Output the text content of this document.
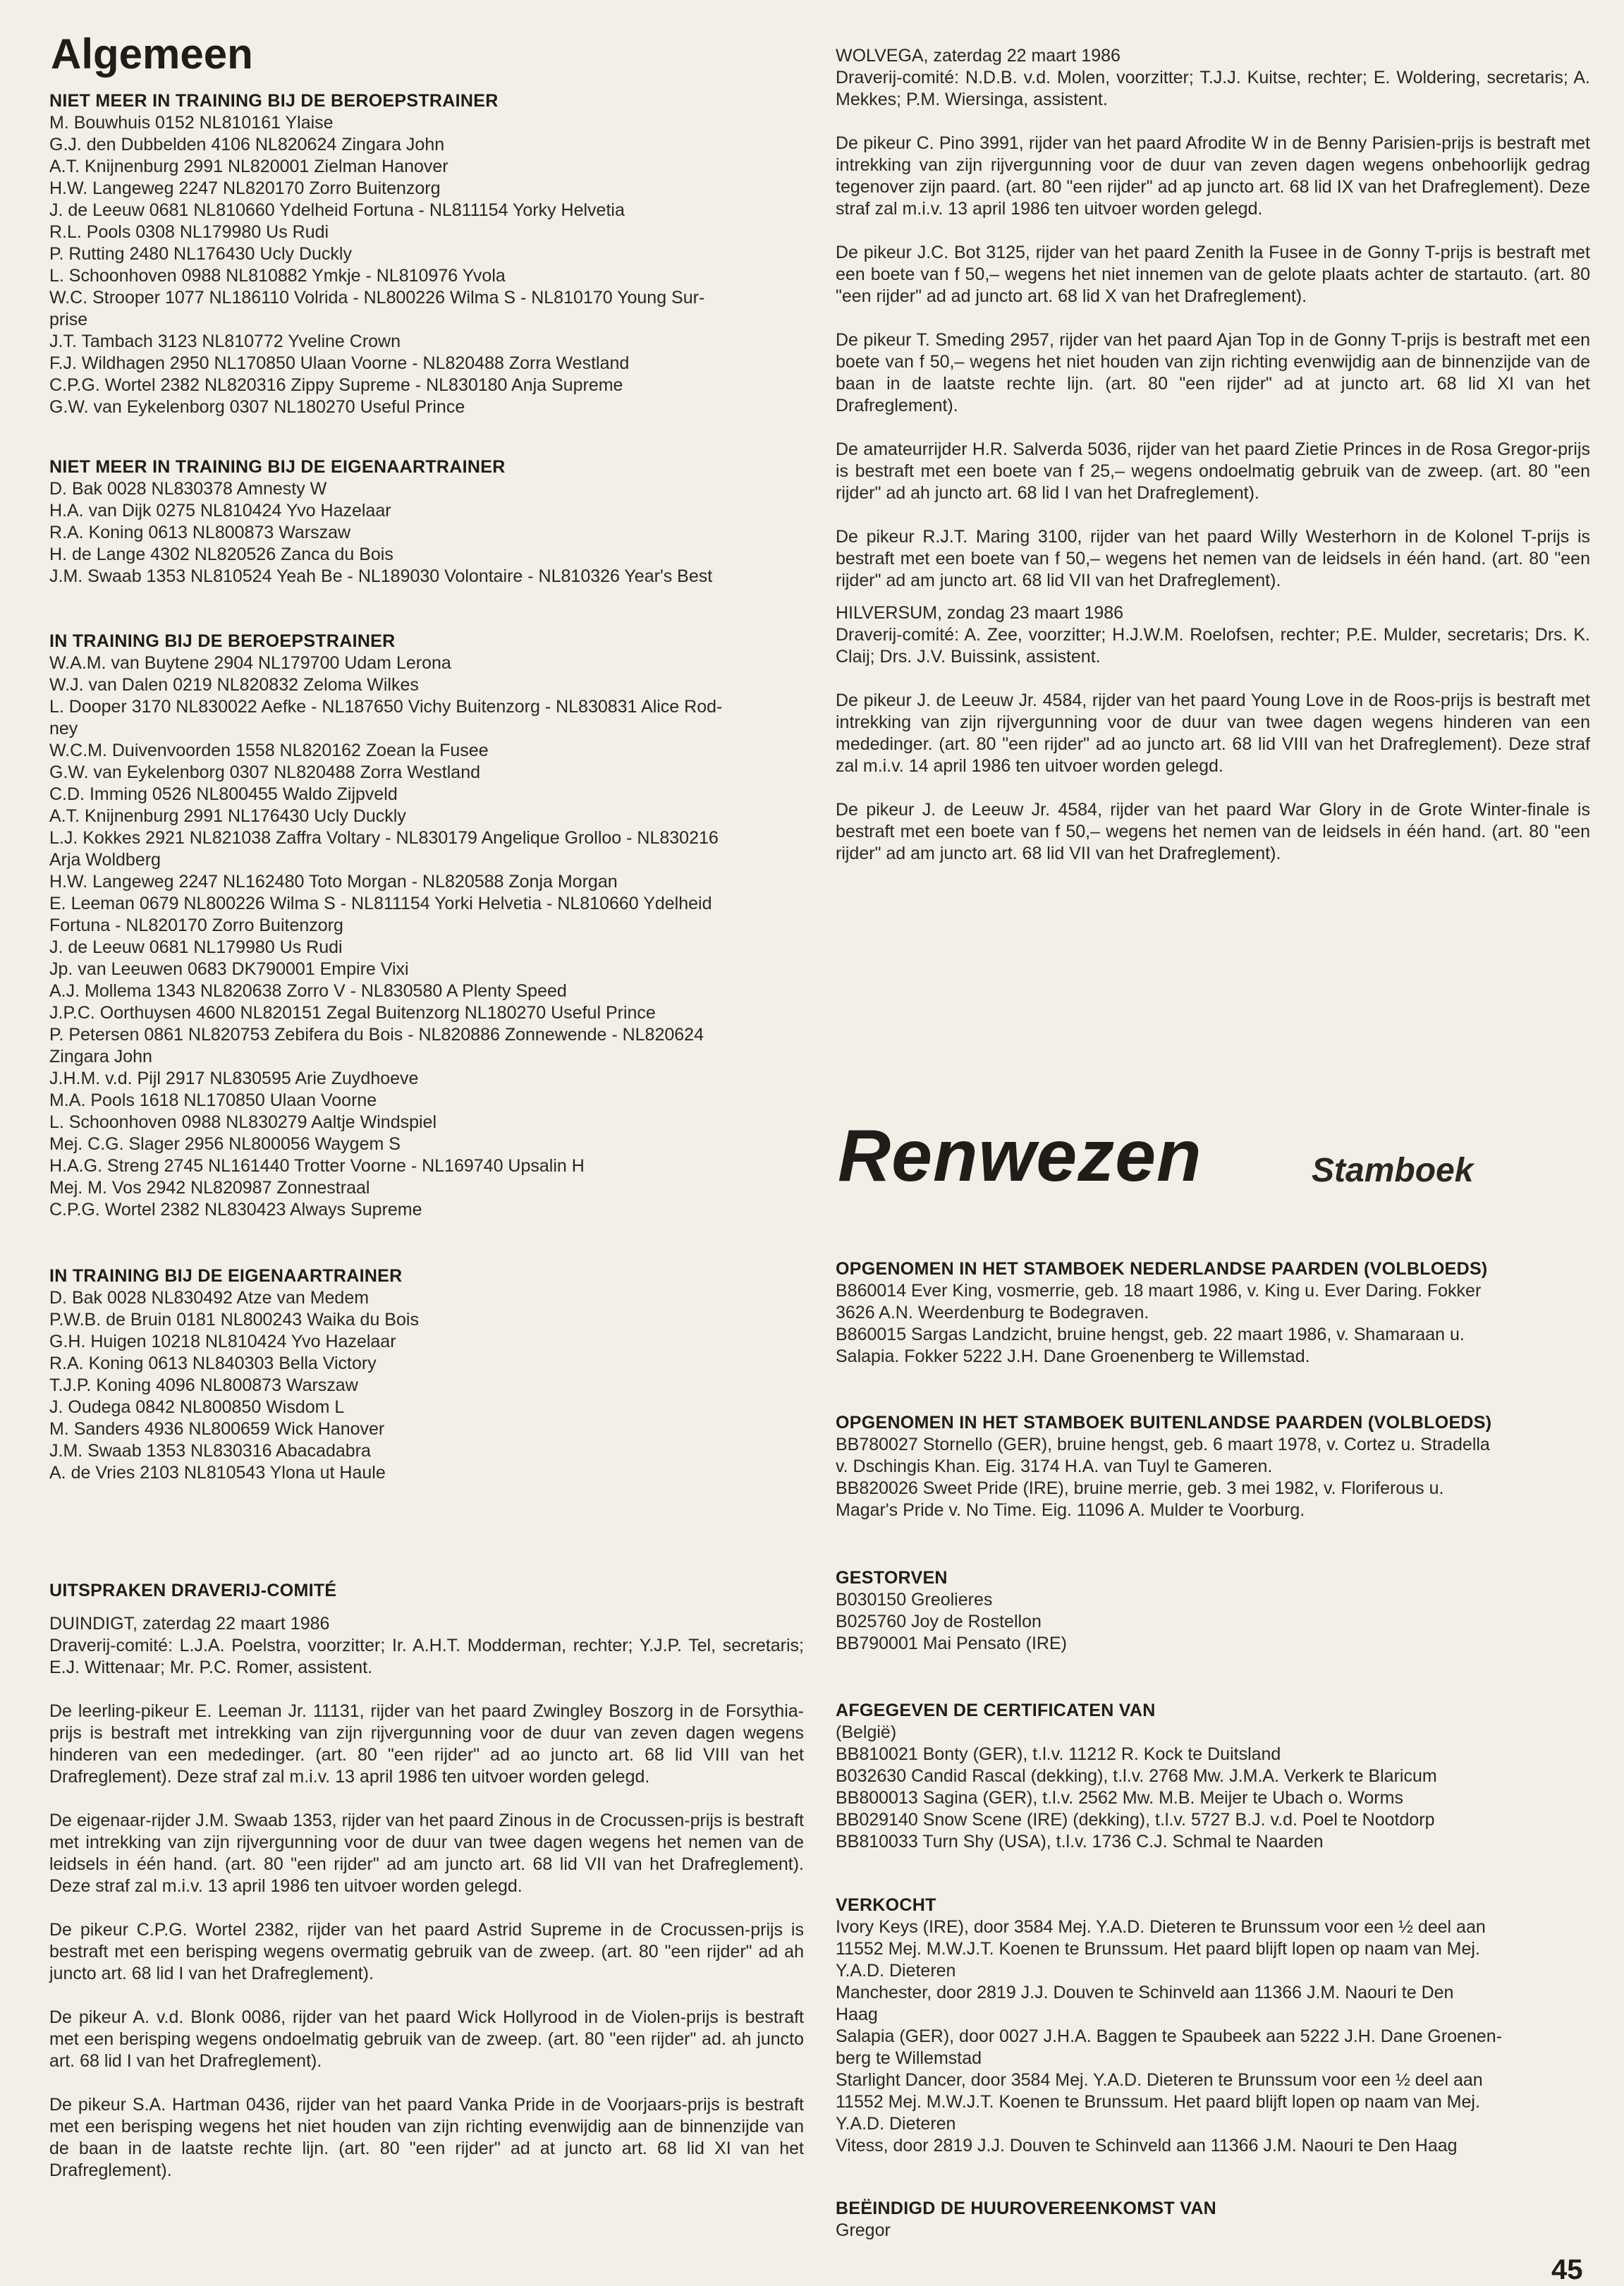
Algemeen
NIET MEER IN TRAINING BIJ DE BEROEPSTRAINER
M. Bouwhuis 0152 NL810161 Ylaise
G.J. den Dubbelden 4106 NL820624 Zingara John
A.T. Knijnenburg 2991 NL820001 Zielman Hanover
H.W. Langeweg 2247 NL820170 Zorro Buitenzorg
J. de Leeuw 0681 NL810660 Ydelheid Fortuna - NL811154 Yorky Helvetia
R.L. Pools 0308 NL179980 Us Rudi
P. Rutting 2480 NL176430 Ucly Duckly
L. Schoonhoven 0988 NL810882 Ymkje - NL810976 Yvola
W.C. Strooper 1077 NL186110 Volrida - NL800226 Wilma S - NL810170 Young Sur-
prise
J.T. Tambach 3123 NL810772 Yveline Crown
F.J. Wildhagen 2950 NL170850 Ulaan Voorne - NL820488 Zorra Westland
C.P.G. Wortel 2382 NL820316 Zippy Supreme - NL830180 Anja Supreme
G.W. van Eykelenborg 0307 NL180270 Useful Prince
NIET MEER IN TRAINING BIJ DE EIGENAARTRAINER
D. Bak 0028 NL830378 Amnesty W
H.A. van Dijk 0275 NL810424 Yvo Hazelaar
R.A. Koning 0613 NL800873 Warszaw
H. de Lange 4302 NL820526 Zanca du Bois
J.M. Swaab 1353 NL810524 Yeah Be - NL189030 Volontaire - NL810326 Year's Best
IN TRAINING BIJ DE BEROEPSTRAINER
W.A.M. van Buytene 2904 NL179700 Udam Lerona
W.J. van Dalen 0219 NL820832 Zeloma Wilkes
L. Dooper 3170 NL830022 Aefke - NL187650 Vichy Buitenzorg - NL830831 Alice Rod-
ney
W.C.M. Duivenvoorden 1558 NL820162 Zoean la Fusee
G.W. van Eykelenborg 0307 NL820488 Zorra Westland
C.D. Imming 0526 NL800455 Waldo Zijpveld
A.T. Knijnenburg 2991 NL176430 Ucly Duckly
L.J. Kokkes 2921 NL821038 Zaffra Voltary - NL830179 Angelique Grolloo - NL830216
Arja Woldberg
H.W. Langeweg 2247 NL162480 Toto Morgan - NL820588 Zonja Morgan
E. Leeman 0679 NL800226 Wilma S - NL811154 Yorki Helvetia - NL810660 Ydelheid
Fortuna - NL820170 Zorro Buitenzorg
J. de Leeuw 0681 NL179980 Us Rudi
Jp. van Leeuwen 0683 DK790001 Empire Vixi
A.J. Mollema 1343 NL820638 Zorro V - NL830580 A Plenty Speed
J.P.C. Oorthuysen 4600 NL820151 Zegal Buitenzorg NL180270 Useful Prince
P. Petersen 0861 NL820753 Zebifera du Bois - NL820886 Zonnewende - NL820624
Zingara John
J.H.M. v.d. Pijl 2917 NL830595 Arie Zuydhoeve
M.A. Pools 1618 NL170850 Ulaan Voorne
L. Schoonhoven 0988 NL830279 Aaltje Windspiel
Mej. C.G. Slager 2956 NL800056 Waygem S
H.A.G. Streng 2745 NL161440 Trotter Voorne - NL169740 Upsalin H
Mej. M. Vos 2942 NL820987 Zonnestraal
C.P.G. Wortel 2382 NL830423 Always Supreme
IN TRAINING BIJ DE EIGENAARTRAINER
D. Bak 0028 NL830492 Atze van Medem
P.W.B. de Bruin 0181 NL800243 Waika du Bois
G.H. Huigen 10218 NL810424 Yvo Hazelaar
R.A. Koning 0613 NL840303 Bella Victory
T.J.P. Koning 4096 NL800873 Warszaw
J. Oudega 0842 NL800850 Wisdom L
M. Sanders 4936 NL800659 Wick Hanover
J.M. Swaab 1353 NL830316 Abacadabra
A. de Vries 2103 NL810543 Ylona ut Haule
UITSPRAKEN DRAVERIJ-COMITÉ

DUINDIGT, zaterdag 22 maart 1986

Draverij-comité: L.J.A. Poelstra, voorzitter; Ir. A.H.T. Modderman, rechter; Y.J.P. Tel, secretaris; E.J. Wittenaar; Mr. P.C. Romer, assistent.

De leerling-pikeur E. Leeman Jr. 11131, rijder van het paard Zwingley Boszorg in de Forsythia-prijs is bestraft met intrekking van zijn rijvergunning voor de duur van zeven dagen wegens hinderen van een mededinger. (art. 80 "een rijder" ad ao juncto art. 68 lid VIII van het Drafreglement). Deze straf zal m.i.v. 13 april 1986 ten uitvoer worden gelegd.

De eigenaar-rijder J.M. Swaab 1353, rijder van het paard Zinous in de Crocussen-prijs is bestraft met intrekking van zijn rijvergunning voor de duur van twee dagen wegens het nemen van de leidsels in één hand. (art. 80 "een rijder" ad am juncto art. 68 lid VII van het Drafreglement). Deze straf zal m.i.v. 13 april 1986 ten uitvoer worden gelegd.

De pikeur C.P.G. Wortel 2382, rijder van het paard Astrid Supreme in de Crocussen-prijs is bestraft met een berisping wegens overmatig gebruik van de zweep. (art. 80 "een rijder" ad ah juncto art. 68 lid I van het Drafreglement).

De pikeur A. v.d. Blonk 0086, rijder van het paard Wick Hollyrood in de Violen-prijs is bestraft met een berisping wegens ondoelmatig gebruik van de zweep. (art. 80 "een rijder" ad. ah juncto art. 68 lid I van het Drafreglement).

De pikeur S.A. Hartman 0436, rijder van het paard Vanka Pride in de Voorjaars-prijs is bestraft met een berisping wegens het niet houden van zijn richting evenwijdig aan de binnenzijde van de baan in de laatste rechte lijn. (art. 80 "een rijder" ad at juncto art. 68 lid XI van het Drafreglement).

WOLVEGA, zaterdag 22 maart 1986

Draverij-comité: N.D.B. v.d. Molen, voorzitter; T.J.J. Kuitse, rechter; E. Woldering, secretaris; A. Mekkes; P.M. Wiersinga, assistent.

De pikeur C. Pino 3991, rijder van het paard Afrodite W in de Benny Parisien-prijs is bestraft met intrekking van zijn rijvergunning voor de duur van zeven dagen wegens onbehoorlijk gedrag tegenover zijn paard. (art. 80 "een rijder" ad ap juncto art. 68 lid IX van het Drafreglement). Deze straf zal m.i.v. 13 april 1986 ten uitvoer worden gelegd.

De pikeur J.C. Bot 3125, rijder van het paard Zenith la Fusee in de Gonny T-prijs is bestraft met een boete van f 50,– wegens het niet innemen van de gelote plaats achter de startauto. (art. 80 "een rijder" ad ad juncto art. 68 lid X van het Drafreglement).

De pikeur T. Smeding 2957, rijder van het paard Ajan Top in de Gonny T-prijs is bestraft met een boete van f 50,– wegens het niet houden van zijn richting evenwijdig aan de binnenzijde van de baan in de laatste rechte lijn. (art. 80 "een rijder" ad at juncto art. 68 lid XI van het Drafreglement).

De amateurrijder H.R. Salverda 5036, rijder van het paard Zietie Princes in de Rosa Gregor-prijs is bestraft met een boete van f 25,– wegens ondoelmatig gebruik van de zweep. (art. 80 "een rijder" ad ah juncto art. 68 lid I van het Drafreglement).

De pikeur R.J.T. Maring 3100, rijder van het paard Willy Westerhorn in de Kolonel T-prijs is bestraft met een boete van f 50,– wegens het nemen van de leidsels in één hand. (art. 80 "een rijder" ad am juncto art. 68 lid VII van het Drafreglement).

HILVERSUM, zondag 23 maart 1986

Draverij-comité: A. Zee, voorzitter; H.J.W.M. Roelofsen, rechter; P.E. Mulder, secretaris; Drs. K. Claij; Drs. J.V. Buissink, assistent.

De pikeur J. de Leeuw Jr. 4584, rijder van het paard Young Love in de Roos-prijs is bestraft met intrekking van zijn rijvergunning voor de duur van twee dagen wegens hinderen van een mededinger. (art. 80 "een rijder" ad ao juncto art. 68 lid VIII van het Drafreglement). Deze straf zal m.i.v. 14 april 1986 ten uitvoer worden gelegd.

De pikeur J. de Leeuw Jr. 4584, rijder van het paard War Glory in de Grote Winter-finale is bestraft met een boete van f 50,– wegens het nemen van de leidsels in één hand. (art. 80 "een rijder" ad am juncto art. 68 lid VII van het Drafreglement).

Renwezen	Stamboek
OPGENOMEN IN HET STAMBOEK NEDERLANDSE PAARDEN (VOLBLOEDS)
B860014 Ever King, vosmerrie, geb. 18 maart 1986, v. King u. Ever Daring. Fokker
3626 A.N. Weerdenburg te Bodegraven.
B860015 Sargas Landzicht, bruine hengst, geb. 22 maart 1986, v. Shamaraan u.
Salapia. Fokker 5222 J.H. Dane Groenenberg te Willemstad.
OPGENOMEN IN HET STAMBOEK BUITENLANDSE PAARDEN (VOLBLOEDS)
BB780027 Stornello (GER), bruine hengst, geb. 6 maart 1978, v. Cortez u. Stradella
v. Dschingis Khan. Eig. 3174 H.A. van Tuyl te Gameren.
BB820026 Sweet Pride (IRE), bruine merrie, geb. 3 mei 1982, v. Floriferous u.
Magar's Pride v. No Time. Eig. 11096 A. Mulder te Voorburg.
GESTORVEN
B030150 Greolieres
B025760 Joy de Rostellon
BB790001 Mai Pensato (IRE)
AFGEGEVEN DE CERTIFICATEN VAN
(België)
BB810021 Bonty (GER), t.l.v. 11212 R. Kock te Duitsland
B032630 Candid Rascal (dekking), t.l.v. 2768 Mw. J.M.A. Verkerk te Blaricum
BB800013 Sagina (GER), t.l.v. 2562 Mw. M.B. Meijer te Ubach o. Worms
BB029140 Snow Scene (IRE) (dekking), t.l.v. 5727 B.J. v.d. Poel te Nootdorp
BB810033 Turn Shy (USA), t.l.v. 1736 C.J. Schmal te Naarden
VERKOCHT
Ivory Keys (IRE), door 3584 Mej. Y.A.D. Dieteren te Brunssum voor een ½ deel aan
11552 Mej. M.W.J.T. Koenen te Brunssum. Het paard blijft lopen op naam van Mej.
Y.A.D. Dieteren
Manchester, door 2819 J.J. Douven te Schinveld aan 11366 J.M. Naouri te Den
Haag
Salapia (GER), door 0027 J.H.A. Baggen te Spaubeek aan 5222 J.H. Dane Groenen-
berg te Willemstad
Starlight Dancer, door 3584 Mej. Y.A.D. Dieteren te Brunssum voor een ½ deel aan
11552 Mej. M.W.J.T. Koenen te Brunssum. Het paard blijft lopen op naam van Mej.
Y.A.D. Dieteren
Vitess, door 2819 J.J. Douven te Schinveld aan 11366 J.M. Naouri te Den Haag
BEËINDIGD DE HUUROVEREENKOMST VAN
Gregor
45
